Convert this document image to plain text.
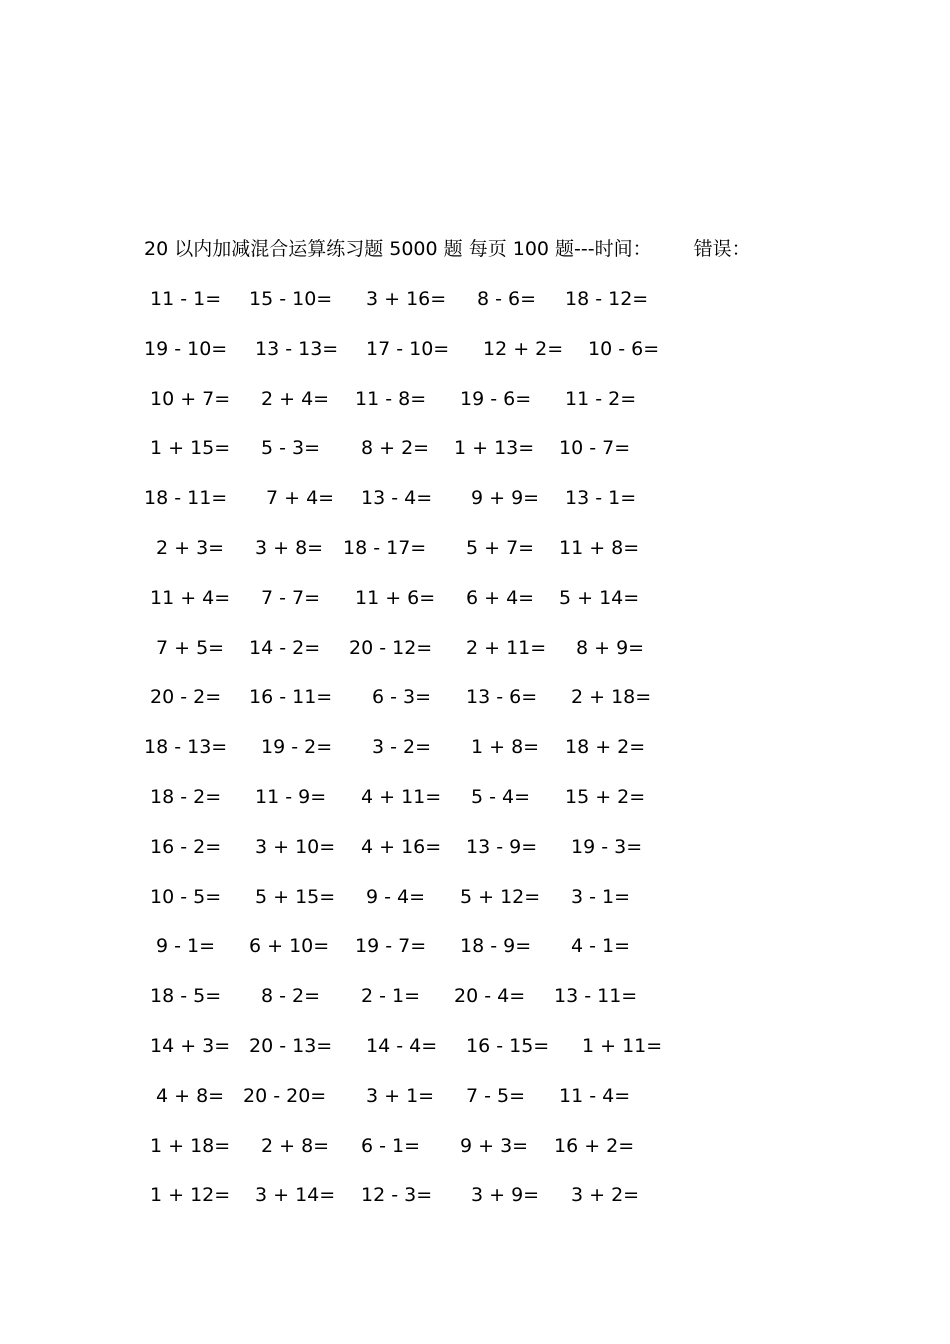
20 以内加减混合运算练习题 5000 题 每页 100 题---时间： 错误：
11 - 1= 15 - 10= 3 + 16= 8 - 6= 18 - 12=
19 - 10= 13 - 13= 17 - 10= 12 + 2= 10 - 6=
10 + 7= 2 + 4= 11 - 8= 19 - 6= 11 - 2=
1 + 15= 5 - 3= 8 + 2= 1 + 13= 10 - 7=
18 - 11= 7 + 4= 13 - 4= 9 + 9= 13 - 1=
2 + 3= 3 + 8= 18 - 17= 5 + 7= 11 + 8=
11 + 4= 7 - 7= 11 + 6= 6 + 4= 5 + 14=
7 + 5= 14 - 2= 20 - 12= 2 + 11= 8 + 9=
20 - 2= 16 - 11= 6 - 3= 13 - 6= 2 + 18=
18 - 13= 19 - 2= 3 - 2= 1 + 8= 18 + 2=
18 - 2= 11 - 9= 4 + 11= 5 - 4= 15 + 2=
16 - 2= 3 + 10= 4 + 16= 13 - 9= 19 - 3=
10 - 5= 5 + 15= 9 - 4= 5 + 12= 3 - 1=
9 - 1= 6 + 10= 19 - 7= 18 - 9= 4 - 1=
18 - 5= 8 - 2= 2 - 1= 20 - 4= 13 - 11=
14 + 3= 20 - 13= 14 - 4= 16 - 15= 1 + 11=
4 + 8= 20 - 20= 3 + 1= 7 - 5= 11 - 4=
1 + 18= 2 + 8= 6 - 1= 9 + 3= 16 + 2=
1 + 12= 3 + 14= 12 - 3= 3 + 9= 3 + 2=
